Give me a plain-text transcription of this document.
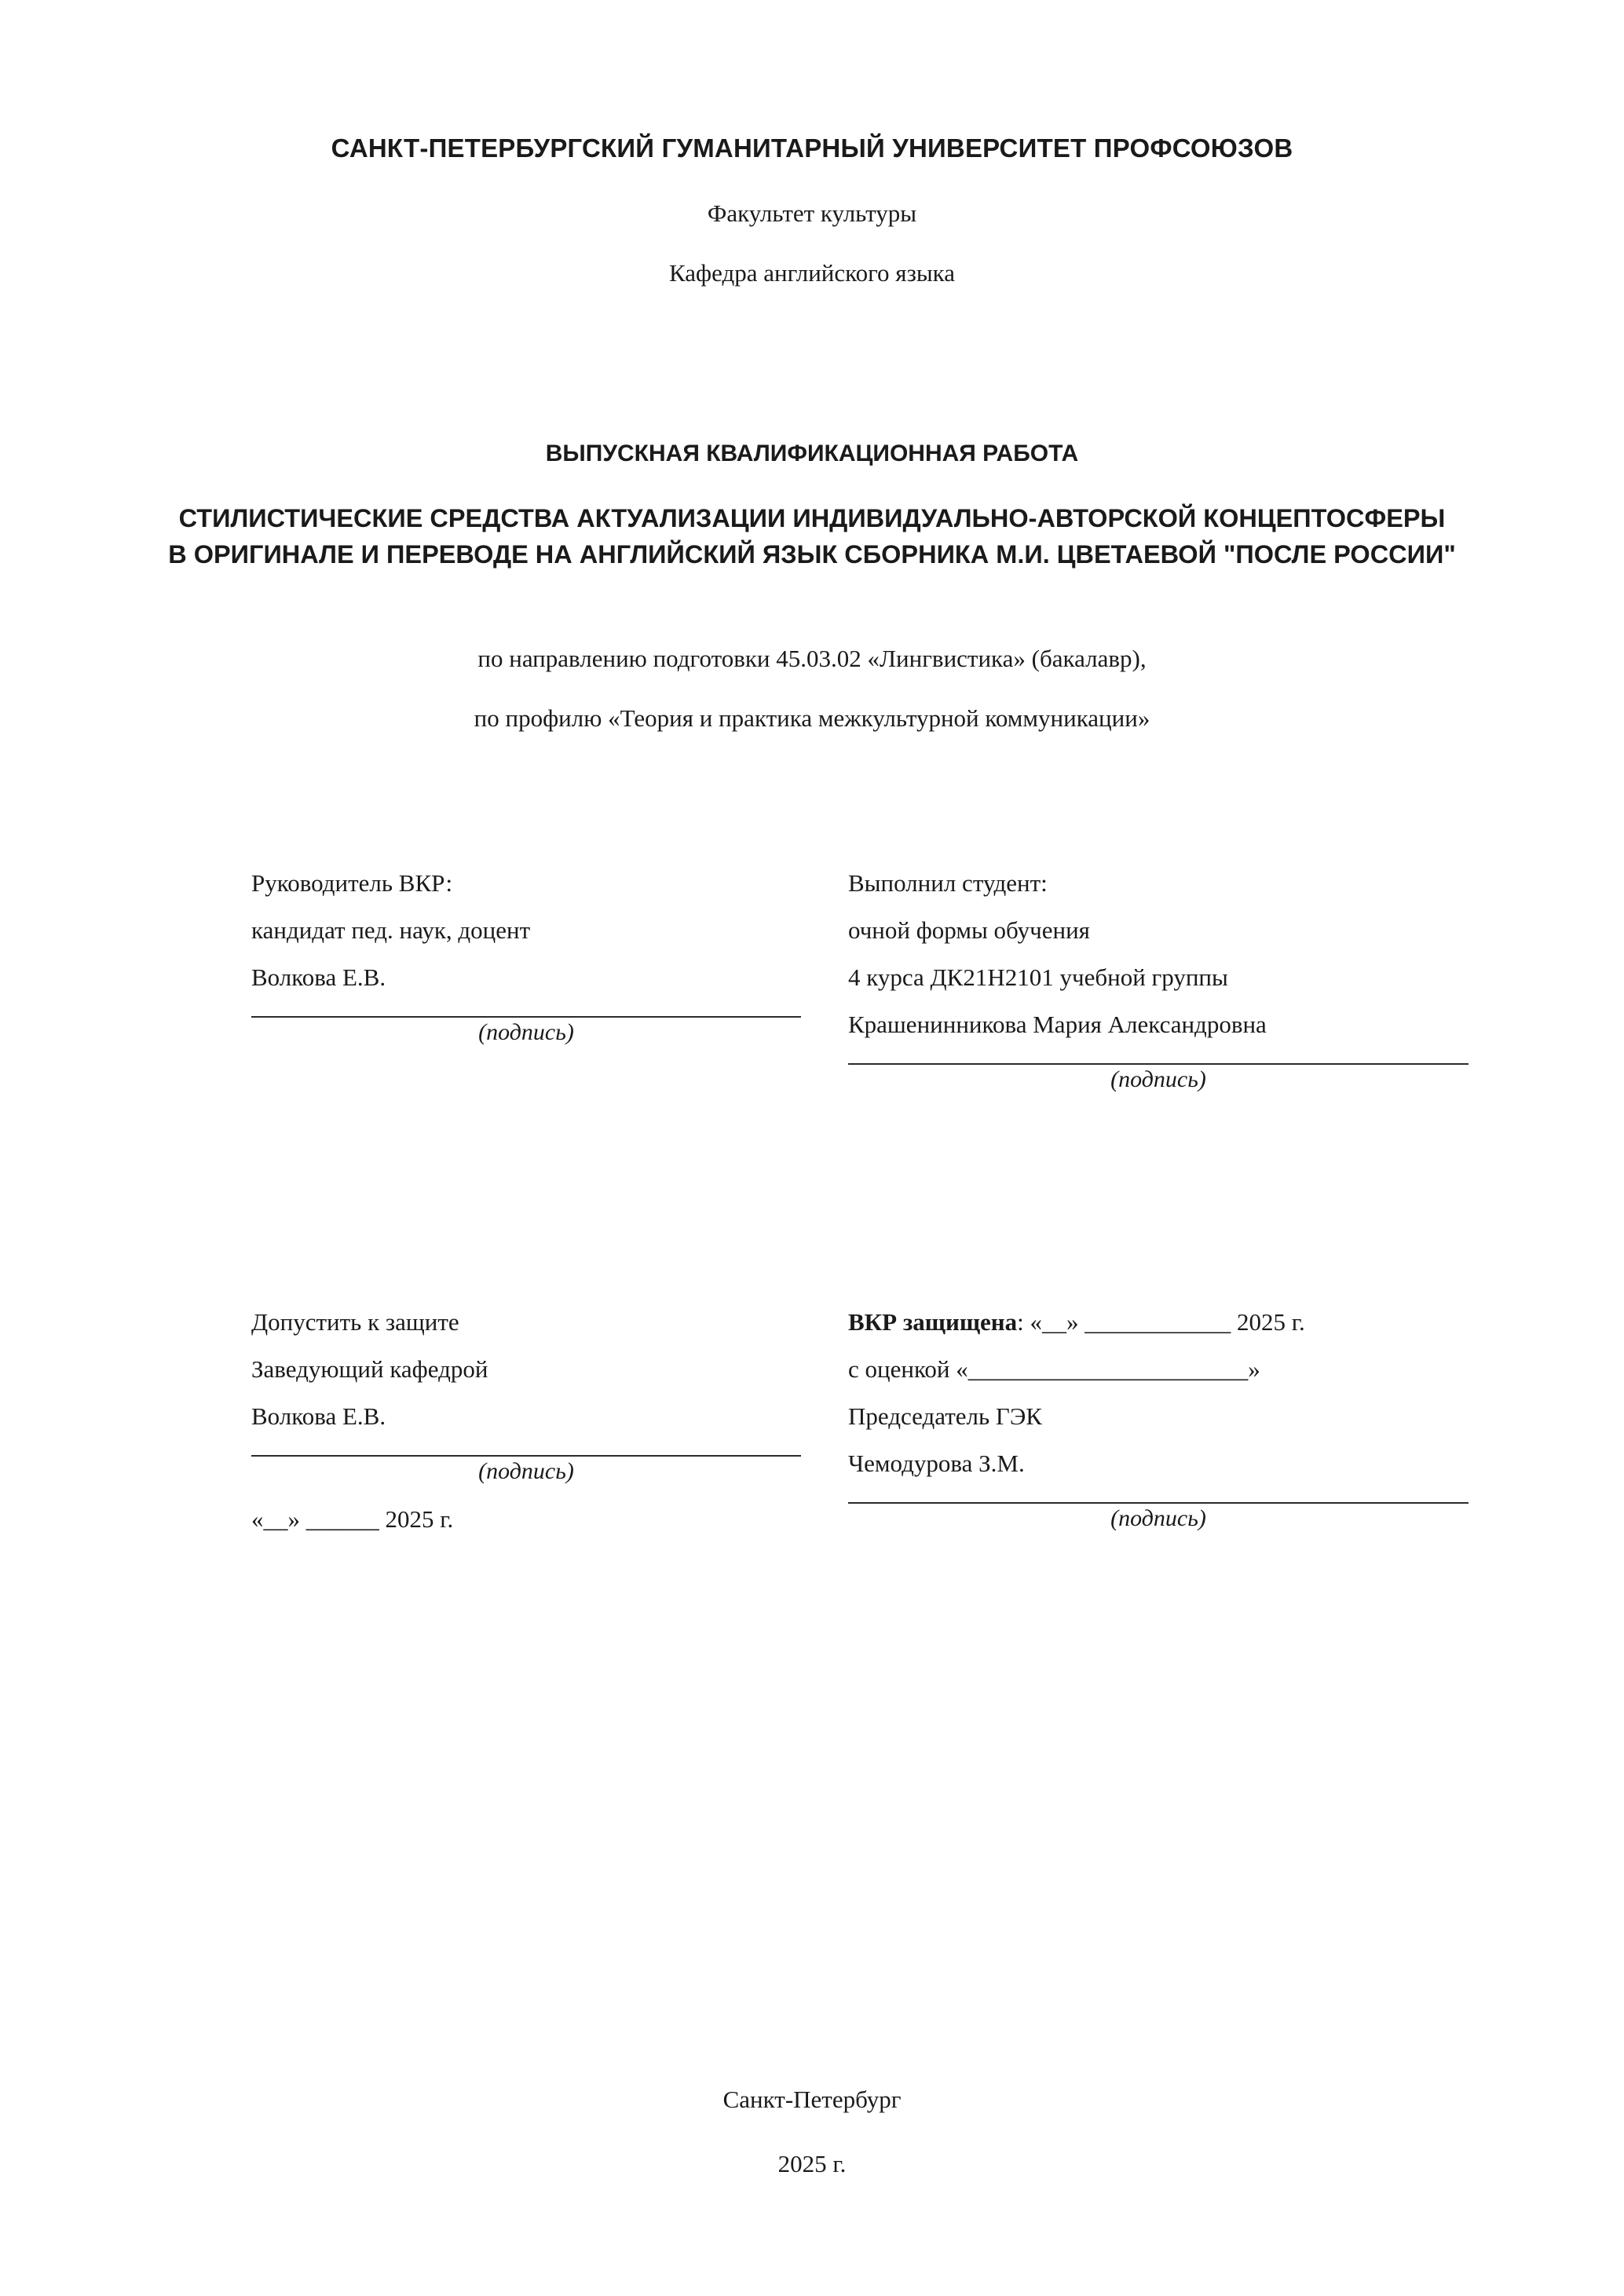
САНКТ-ПЕТЕРБУРГСКИЙ ГУМАНИТАРНЫЙ УНИВЕРСИТЕТ ПРОФСОЮЗОВ
Факультет культуры
Кафедра английского языка
ВЫПУСКНАЯ КВАЛИФИКАЦИОННАЯ РАБОТА
СТИЛИСТИЧЕСКИЕ СРЕДСТВА АКТУАЛИЗАЦИИ ИНДИВИДУАЛЬНО-АВТОРСКОЙ КОНЦЕПТОСФЕРЫ В ОРИГИНАЛЕ И ПЕРЕВОДЕ НА АНГЛИЙСКИЙ ЯЗЫК СБОРНИКА М.И. ЦВЕТАЕВОЙ "ПОСЛЕ РОССИИ"
по направлению подготовки 45.03.02 «Лингвистика» (бакалавр),
по профилю «Теория и практика межкультурной коммуникации»

Руководитель ВКР:

кандидат пед. наук, доцент

Волкова Е.В.

(подпись)

Выполнил студент:

очной формы обучения

4 курса ДК21Н2101 учебной группы

Крашенинникова Мария Александровна

(подпись)

Допустить к защите

Заведующий кафедрой

Волкова Е.В.

(подпись)

«__» ______ 2025 г.

ВКР защищена: «__» ____________ 2025 г.

с оценкой «_______________________»

Председатель ГЭК

Чемодурова З.М.

(подпись)

Санкт-Петербург
2025 г.
